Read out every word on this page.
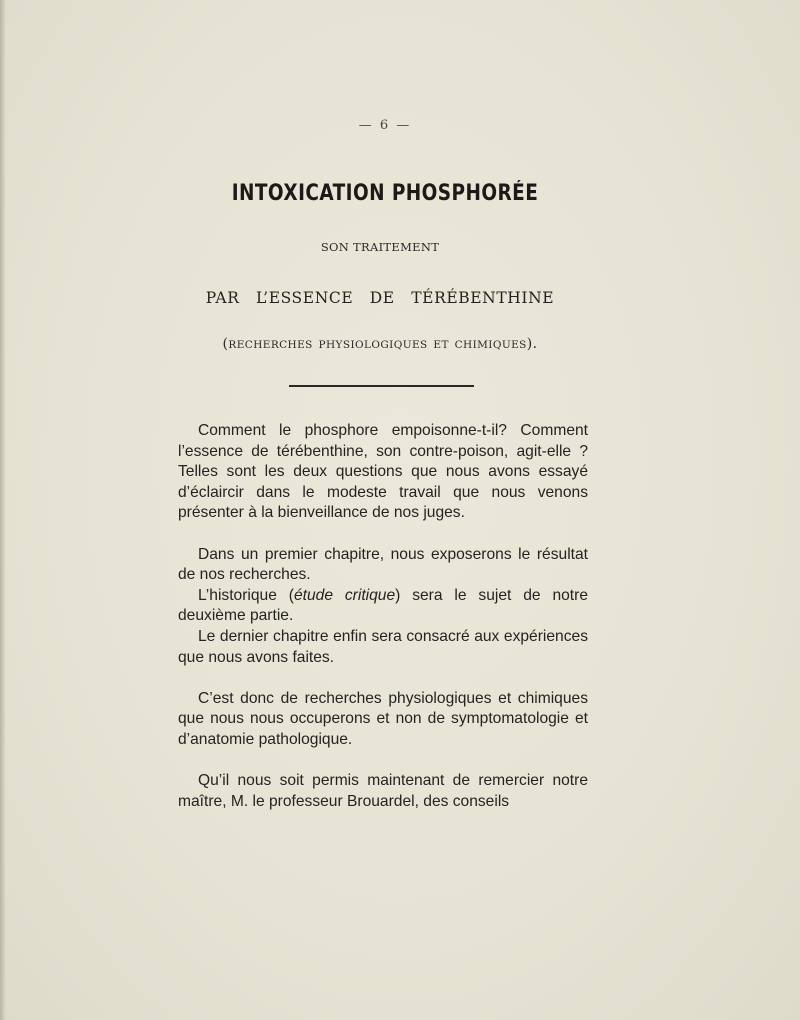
— 6 —
INTOXICATION PHOSPHORÉE
SON TRAITEMENT
PAR L’ESSENCE DE TÉRÉBENTHINE
(RECHERCHES PHYSIOLOGIQUES ET CHIMIQUES).

Comment le phosphore empoisonne-t-il? Comment l’essence de térébenthine, son contre-poison, agit-elle ? Telles sont les deux questions que nous avons essayé d’éclaircir dans le modeste travail que nous venons présenter à la bienveillance de nos juges.

Dans un premier chapitre, nous exposerons le résultat de nos recherches.

L’historique (étude critique) sera le sujet de notre deuxième partie.

Le dernier chapitre enfin sera consacré aux expériences que nous avons faites.

C’est donc de recherches physiologiques et chimiques que nous nous occuperons et non de symptomatologie et d’anatomie pathologique.

Qu’il nous soit permis maintenant de remercier notre maître, M. le professeur Brouardel, des conseils
